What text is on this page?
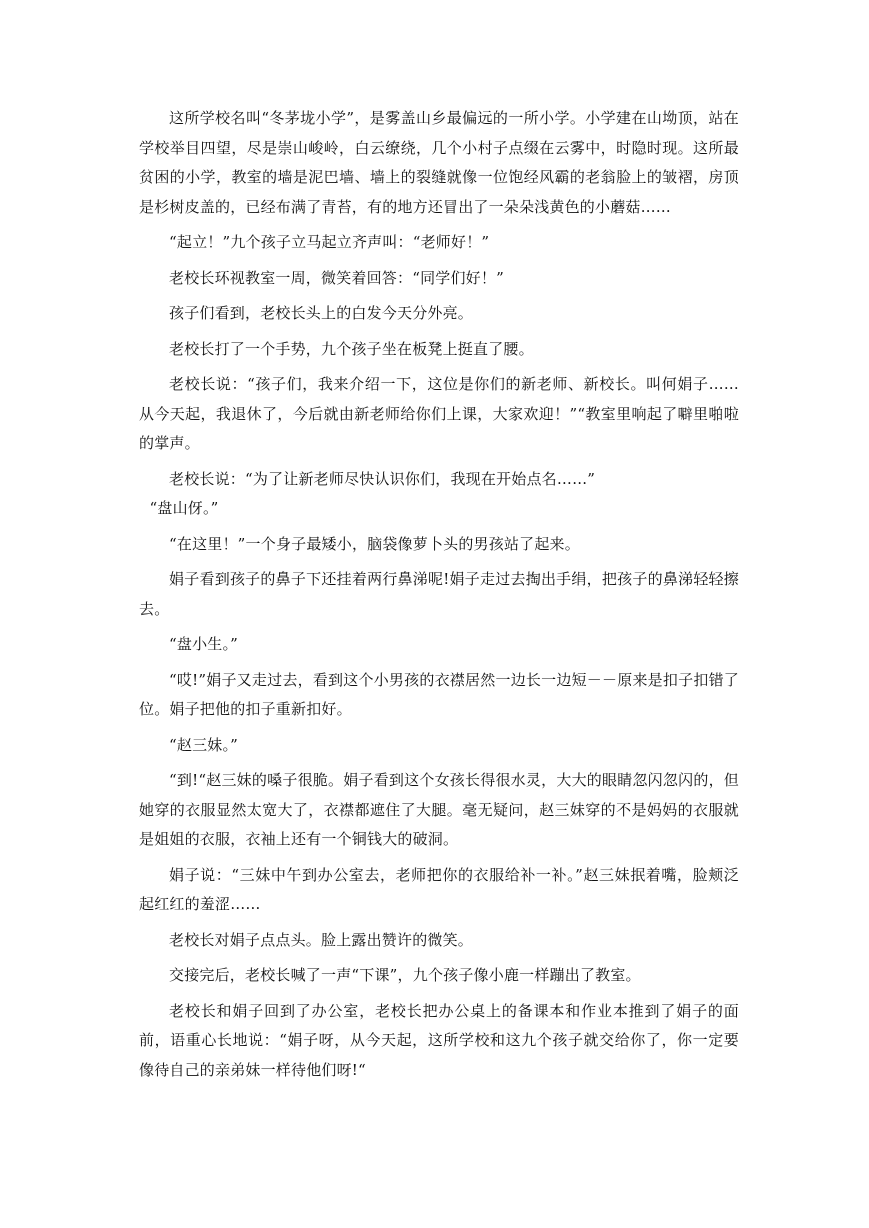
这所学校名叫“冬茅垅小学”，是雾盖山乡最偏远的一所小学。小学建在山坳顶，站在学校举目四望，尽是崇山峻岭，白云缭绕，几个小村子点缀在云雾中，时隐时现。这所最贫困的小学，教室的墙是泥巴墙、墙上的裂缝就像一位饱经风霸的老翁脸上的皱褶，房顶是杉树皮盖的，已经布满了青苔，有的地方还冒出了一朵朵浅黄色的小蘑菇……

“起立！”九个孩子立马起立齐声叫：“老师好！”

老校长环视教室一周，微笑着回答：“同学们好！”

孩子们看到，老校长头上的白发今天分外亮。

老校长打了一个手势，九个孩子坐在板凳上挺直了腰。

老校长说：“孩子们，我来介绍一下，这位是你们的新老师、新校长。叫何娟子……从今天起，我退休了，今后就由新老师给你们上课，大家欢迎！”“教室里响起了噼里啪啦的掌声。

老校长说：“为了让新老师尽快认识你们，我现在开始点名……”

“盘山伢。”

“在这里！”一个身子最矮小，脑袋像萝卜头的男孩站了起来。

娟子看到孩子的鼻子下还挂着两行鼻涕呢!娟子走过去掏出手绢，把孩子的鼻涕轻轻擦去。

“盘小生。”

“哎!”娟子又走过去，看到这个小男孩的衣襟居然一边长一边短－－原来是扣子扣错了位。娟子把他的扣子重新扣好。

“赵三妹。”

“到!“赵三妹的嗓子很脆。娟子看到这个女孩长得很水灵，大大的眼睛忽闪忽闪的，但她穿的衣服显然太宽大了，衣襟都遮住了大腿。毫无疑问，赵三妹穿的不是妈妈的衣服就是姐姐的衣服，衣袖上还有一个铜钱大的破洞。

娟子说：“三妹中午到办公室去，老师把你的衣服给补一补。”赵三妹抿着嘴，脸颊泛起红红的羞涩……

老校长对娟子点点头。脸上露出赞许的微笑。

交接完后，老校长喊了一声“下课”，九个孩子像小鹿一样蹦出了教室。

老校长和娟子回到了办公室，老校长把办公桌上的备课本和作业本推到了娟子的面前，语重心长地说：“娟子呀，从今天起，这所学校和这九个孩子就交给你了，你一定要像待自己的亲弟妹一样待他们呀!“
